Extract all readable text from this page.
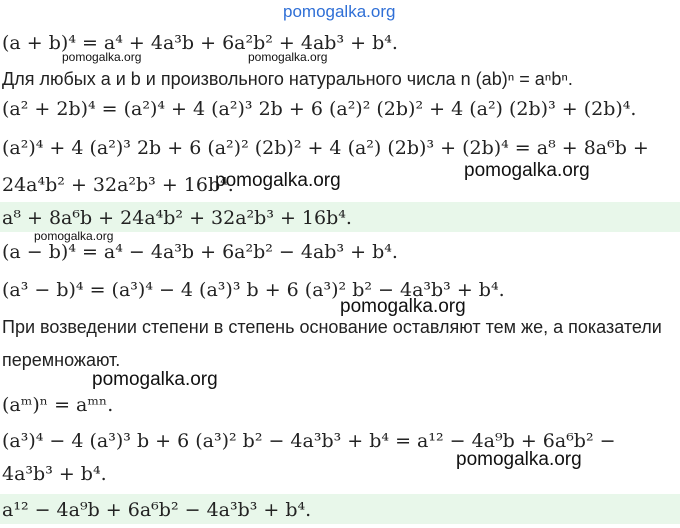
pomogalka.org
(a + b)⁴ = a⁴ + 4a³b + 6a²b² + 4ab³ + b⁴.
pomogalka.org	pomogalka.org
Для любых a и b и произвольного натурального числа n (ab)ⁿ = aⁿbⁿ.
(a² + 2b)⁴ = (a²)⁴ + 4 (a²)³ 2b + 6 (a²)² (2b)² + 4 (a²) (2b)³ + (2b)⁴.
(a²)⁴ + 4 (a²)³ 2b + 6 (a²)² (2b)² + 4 (a²) (2b)³ + (2b)⁴ = a⁸ + 8a⁶b +
24a⁴b² + 32a²b³ + 16b⁴.
pomogalka.org	pomogalka.org
a⁸ + 8a⁶b + 24a⁴b² + 32a²b³ + 16b⁴.
pomogalka.org
(a − b)⁴ = a⁴ − 4a³b + 6a²b² − 4ab³ + b⁴.
(a³ − b)⁴ = (a³)⁴ − 4 (a³)³ b + 6 (a³)² b² − 4a³b³ + b⁴.
pomogalka.org
При возведении степени в степень основание оставляют тем же, а показатели
перемножают.
pomogalka.org
(aᵐ)ⁿ = aᵐⁿ.
(a³)⁴ − 4 (a³)³ b + 6 (a³)² b² − 4a³b³ + b⁴ = a¹² − 4a⁹b + 6a⁶b² −
pomogalka.org
4a³b³ + b⁴.
a¹² − 4a⁹b + 6a⁶b² − 4a³b³ + b⁴.
